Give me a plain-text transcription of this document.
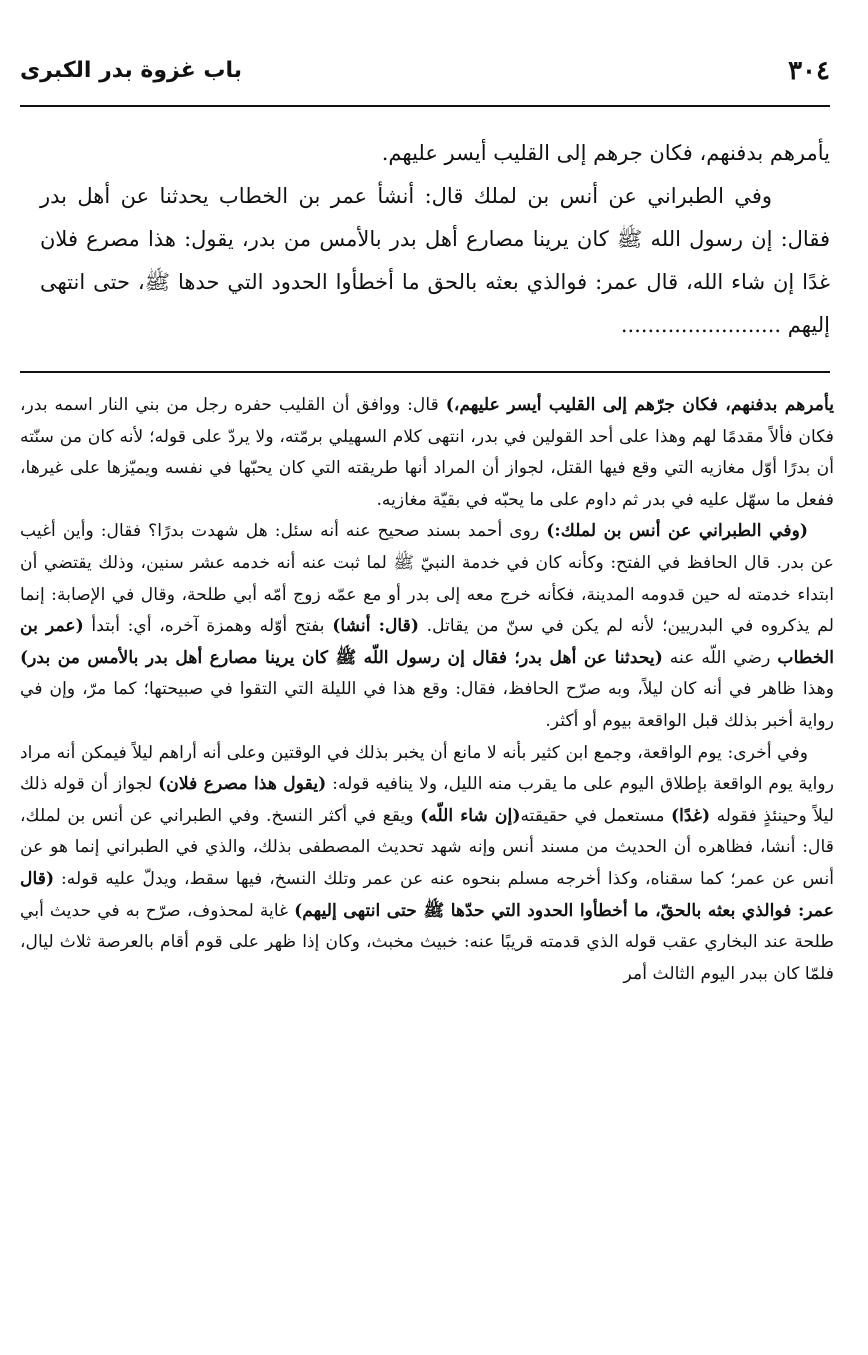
٣٠٤
باب غزوة بدر الكبرى

يأمرهم بدفنهم، فكان جرهم إلى القليب أيسر عليهم.

وفي الطبراني عن أنس بن لملك قال: أنشأ عمر بن الخطاب يحدثنا عن أهل بدر فقال: إن رسول الله ﷺ كان يرينا مصارع أهل بدر بالأمس من بدر، يقول: هذا مصرع فلان غدًا إن شاء الله، قال عمر: فوالذي بعثه بالحق ما أخطأوا الحدود التي حدها ﷺ، حتى انتهى إليهم ........................

يأمرهم بدفنهم، فكان جرّهم إلى القليب أيسر عليهم،) قال: ووافق أن القليب حفره رجل من بني النار اسمه بدر، فكان فألاً مقدمًا لهم وهذا على أحد القولين في بدر، انتهى كلام السهيلي برمّته، ولا يردّ على قوله؛ لأنه كان من سنّته أن بدرًا أوّل مغازيه التي وقع فيها القتل، لجواز أن المراد أنها طريقته التي كان يحبّها في نفسه ويميّزها على غيرها، ففعل ما سهّل عليه في بدر ثم داوم على ما يحبّه في بقيّة مغازيه.

(وفي الطبراني عن أنس بن لملك:) روى أحمد بسند صحيح عنه أنه سئل: هل شهدت بدرًا؟ فقال: وأين أغيب عن بدر. قال الحافظ في الفتح: وكأنه كان في خدمة النبيّ ﷺ لما ثبت عنه أنه خدمه عشر سنين، وذلك يقتضي أن ابتداء خدمته له حين قدومه المدينة، فكأنه خرج معه إلى بدر أو مع عمّه زوج أمّه أبي طلحة، وقال في الإصابة: إنما لم يذكروه في البدريين؛ لأنه لم يكن في سنّ من يقاتل. (قال: أنشا) بفتح أوّله وهمزة آخره، أي: أبتدأ (عمر بن الخطاب رضي اللّه عنه (يحدثنا عن أهل بدر؛ فقال إن رسول اللّه ﷺ كان يرينا مصارع أهل بدر بالأمس من بدر) وهذا ظاهر في أنه كان ليلاً، وبه صرّح الحافظ، فقال: وقع هذا في الليلة التي التقوا في صبيحتها؛ كما مرّ، وإن في رواية أخبر بذلك قبل الواقعة بيوم أو أكثر.

وفي أخرى: يوم الواقعة، وجمع ابن كثير بأنه لا مانع أن يخبر بذلك في الوقتين وعلى أنه أراهم ليلاً فيمكن أنه مراد رواية يوم الواقعة بإطلاق اليوم على ما يقرب منه الليل، ولا ينافيه قوله: (يقول هذا مصرع فلان) لجواز أن قوله ذلك ليلاً وحينئذٍ فقوله (غدًا) مستعمل في حقيقته(إن شاء اللّه) ويقع في أكثر النسخ. وفي الطبراني عن أنس بن لملك، قال: أنشا، فظاهره أن الحديث من مسند أنس وإنه شهد تحديث المصطفى بذلك، والذي في الطبراني إنما هو عن أنس عن عمر؛ كما سقناه، وكذا أخرجه مسلم بنحوه عنه عن عمر وتلك النسخ، فيها سقط، ويدلّ عليه قوله: (قال عمر: فوالذي بعثه بالحقّ، ما أخطأوا الحدود التي حدّها ﷺ حتى انتهى إليهم) غاية لمحذوف، صرّح به في حديث أبي طلحة عند البخاري عقب قوله الذي قدمته قريبًا عنه: خبيث مخبث، وكان إذا ظهر على قوم أقام بالعرصة ثلاث ليال، فلمّا كان ببدر اليوم الثالث أمر
